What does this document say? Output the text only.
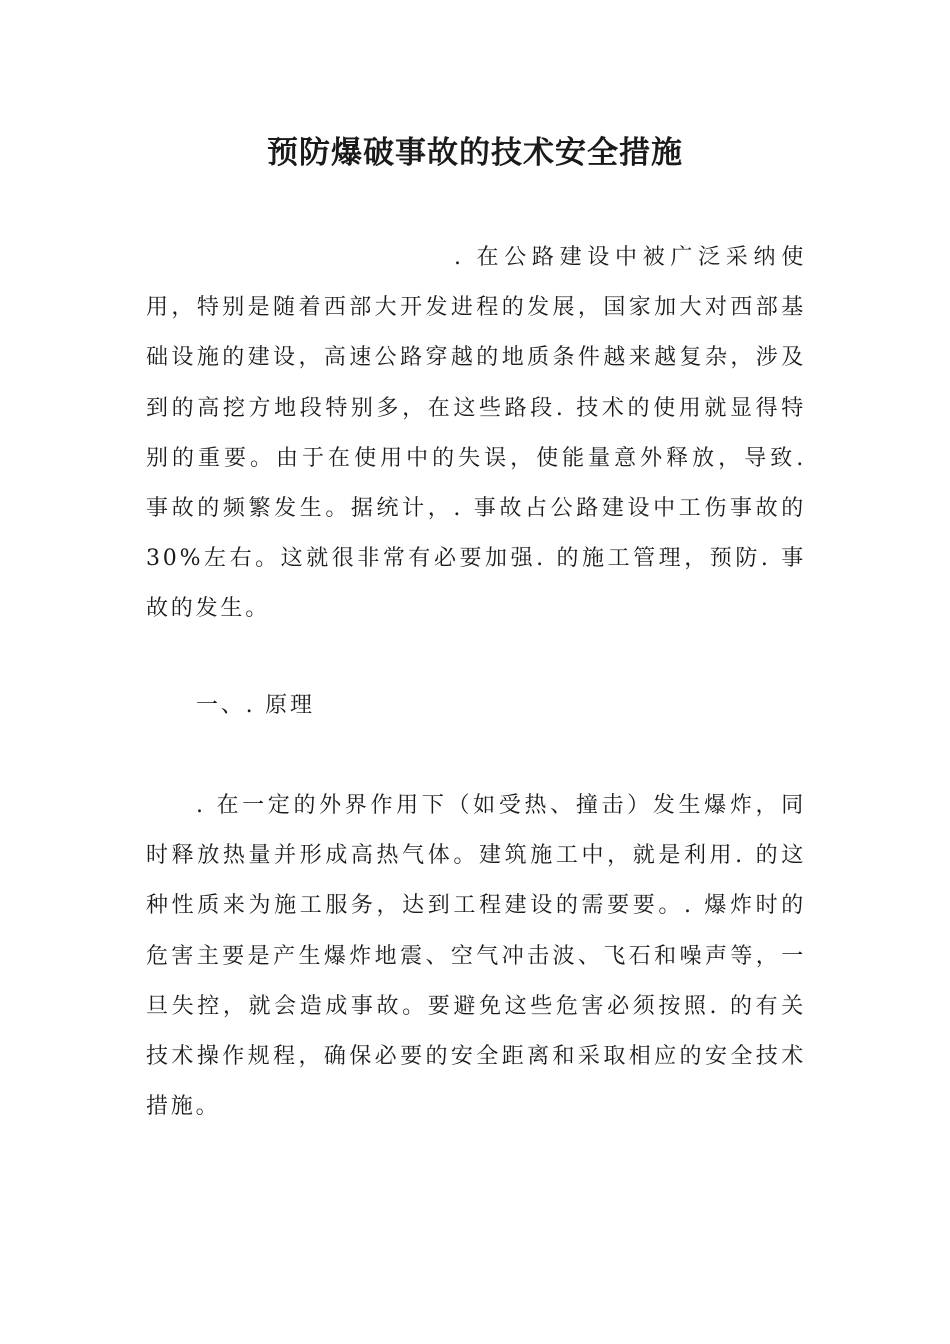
预防爆破事故的技术安全措施

. 在公路建设中被广泛采纳使用，特别是随着西部大开发进程的发展，国家加大对西部基础设施的建设，高速公路穿越的地质条件越来越复杂，涉及到的高挖方地段特别多，在这些路段. 技术的使用就显得特别的重要。由于在使用中的失误，使能量意外释放，导致. 事故的频繁发生。据统计，. 事故占公路建设中工伤事故的30%左右。这就很非常有必要加强. 的施工管理，预防. 事故的发生。

一、. 原理

. 在一定的外界作用下（如受热、撞击）发生爆炸，同时释放热量并形成高热气体。建筑施工中，就是利用. 的这种性质来为施工服务，达到工程建设的需要要。. 爆炸时的危害主要是产生爆炸地震、空气冲击波、飞石和噪声等，一旦失控，就会造成事故。要避免这些危害必须按照. 的有关技术操作规程，确保必要的安全距离和采取相应的安全技术措施。
